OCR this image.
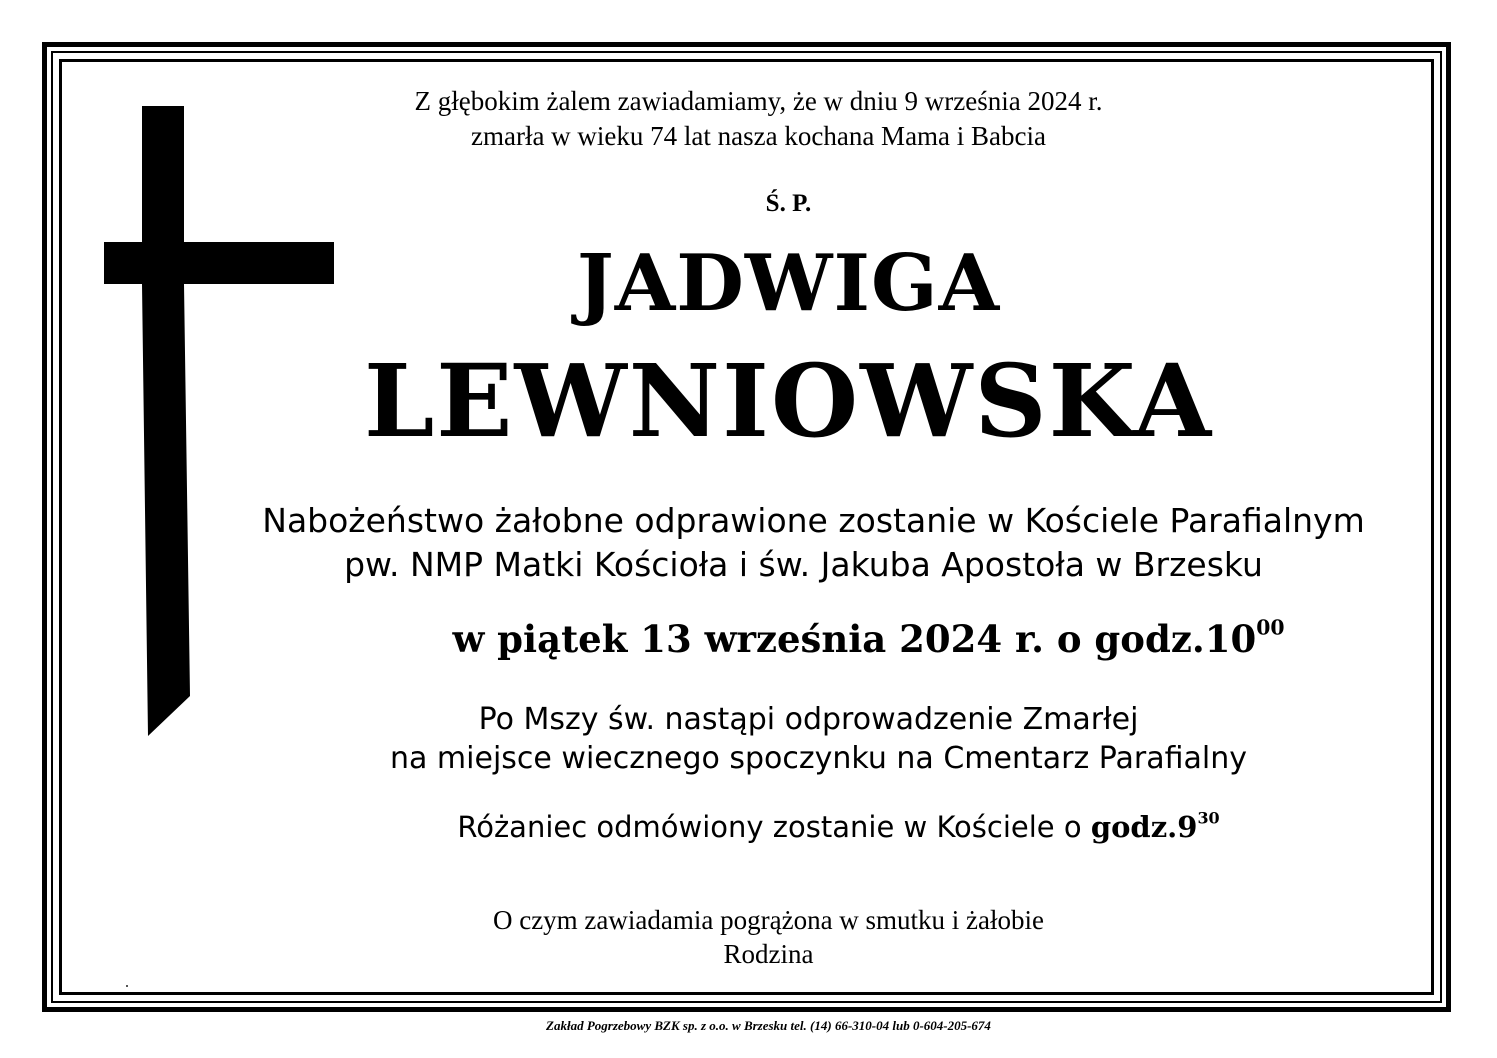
Z głębokim żalem zawiadamiamy, że w dniu 9 września 2024 r.
zmarła w wieku 74 lat nasza kochana Mama i Babcia
Ś. P.
JADWIGA
LEWNIOWSKA
Nabożeństwo żałobne odprawione zostanie w Kościele Parafialnym
pw. NMP Matki Kościoła i św. Jakuba Apostoła w Brzesku
w piątek 13 września 2024 r. o $godz.10^{00}$
Po Mszy św. nastąpi odprowadzenie Zmarłej
na miejsce wiecznego spoczynku na Cmentarz Parafialny
Różaniec odmówiony zostanie w Kościele o $godz.9^{30}$
O czym zawiadamia pogrążona w smutku i żałobie
Rodzina
Zakład Pogrzebowy BZK sp. z o.o. w Brzesku tel. (14) 66-310-04 lub 0-604-205-674
